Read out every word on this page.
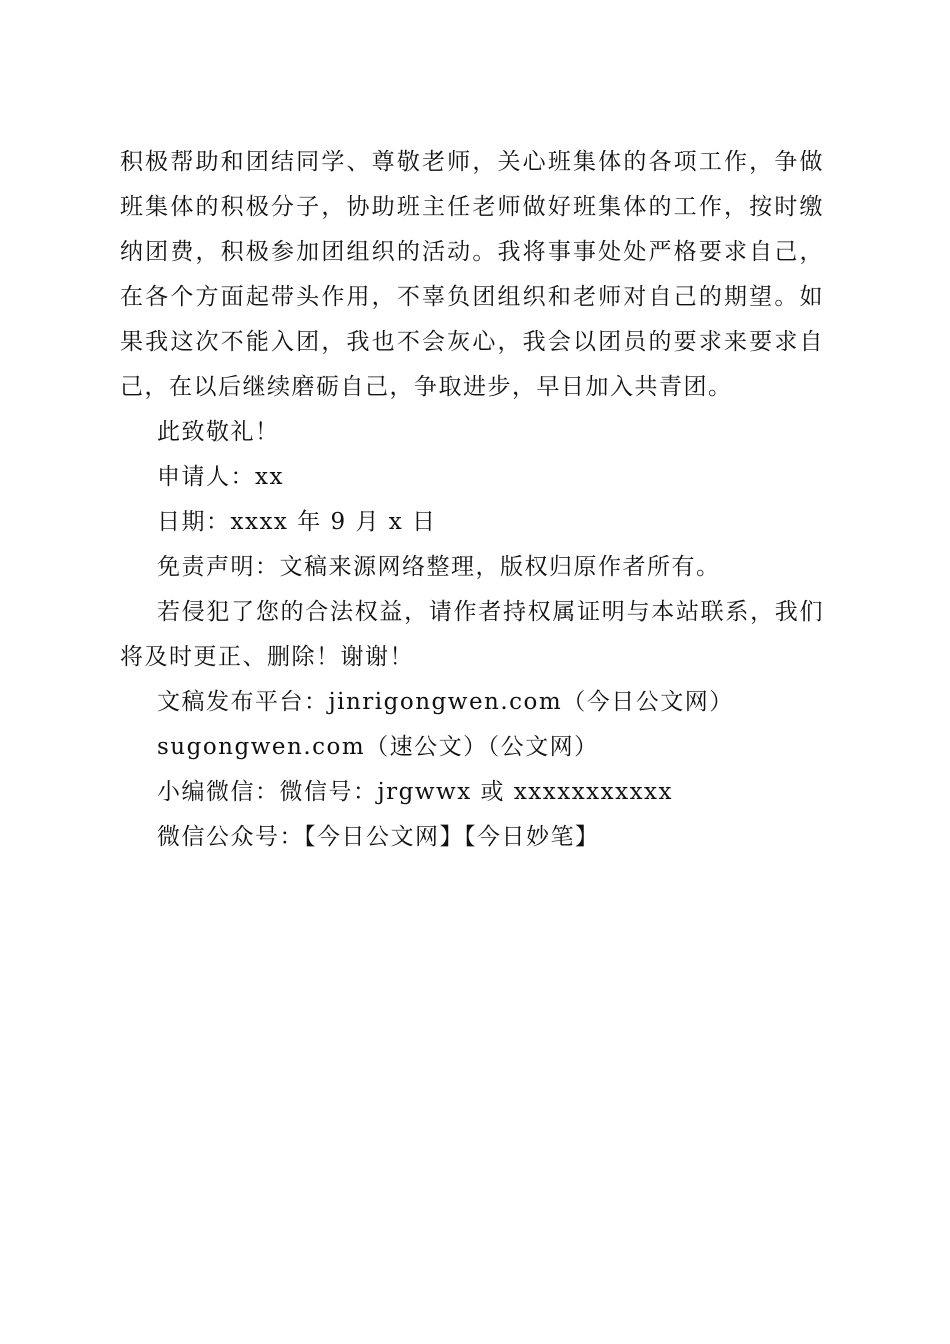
积极帮助和团结同学、尊敬老师，关心班集体的各项工作，争做班集体的积极分子，协助班主任老师做好班集体的工作，按时缴纳团费，积极参加团组织的活动。我将事事处处严格要求自己，在各个方面起带头作用，不辜负团组织和老师对自己的期望。如果我这次不能入团，我也不会灰心，我会以团员的要求来要求自己，在以后继续磨砺自己，争取进步，早日加入共青团。

此致敬礼！

申请人：xx

日期：xxxx 年 9 月 x 日

免责声明：文稿来源网络整理，版权归原作者所有。

若侵犯了您的合法权益，请作者持权属证明与本站联系，我们将及时更正、删除！谢谢！

文稿发布平台：jinrigongwen.com（今日公文网）

sugongwen.com（速公文）（公文网）

小编微信：微信号：jrgwwx 或 xxxxxxxxxxx

微信公众号：【今日公文网】【今日妙笔】
